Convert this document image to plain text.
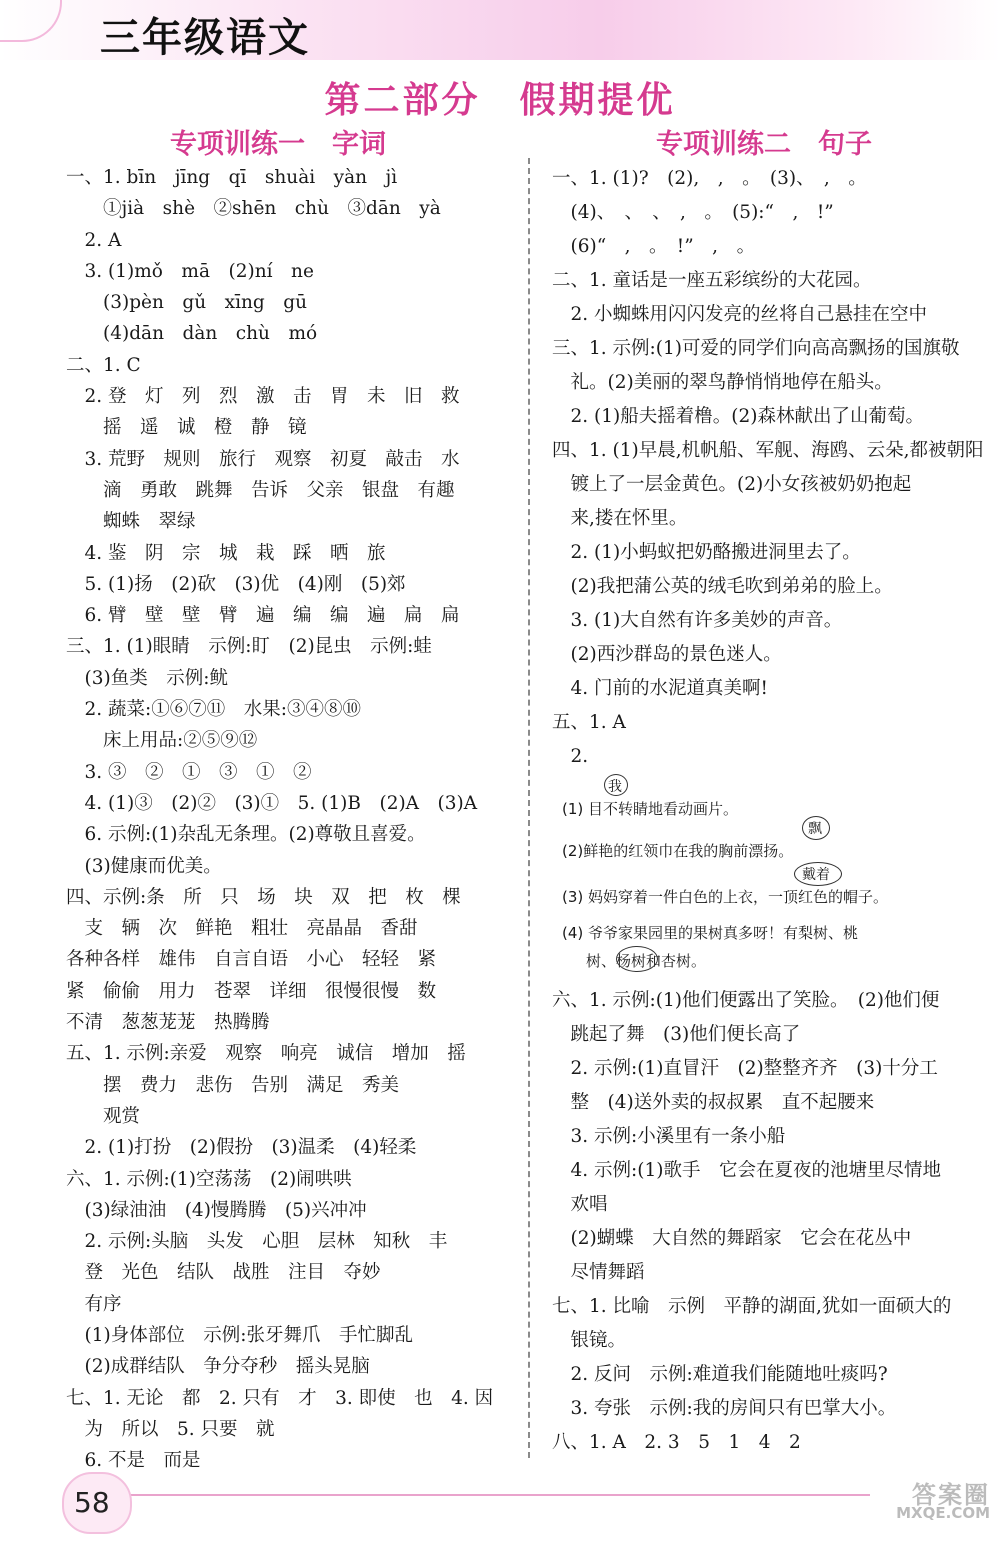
三年级语文
第二部分　假期提优
专项训练一　字词	专项训练二　句子
一、1. bīn　jīng　qī　shuài　yàn　jì
　　①jià　shè　②shēn　chù　③dān　yà
　2. A
　3. (1)mǒ　mā　(2)ní　ne
　　(3)pèn　gǔ　xīng　gū
　　(4)dān　dàn　chù　mó
二、1. C
　2. 登　灯　列　烈　激　击　胃　未　旧　救
　　摇　遥　诚　橙　静　镜
　3. 荒野　规则　旅行　观察　初夏　敲击　水
　　滴　勇敢　跳舞　告诉　父亲　银盘　有趣
　　蜘蛛　翠绿
　4. 鉴　阴　宗　城　栽　踩　晒　旅
　5. (1)扬　(2)砍　(3)优　(4)刚　(5)郊
　6. 臂　壁　壁　臂　遍　编　编　遍　扁　扁
三、1. (1)眼睛　示例:盯　(2)昆虫　示例:蛙
　(3)鱼类　示例:鱿
　2. 蔬菜:①⑥⑦⑪　水果:③④⑧⑩
　　床上用品:②⑤⑨⑫
　3. ③　②　①　③　①　②
　4. (1)③　(2)②　(3)①　5. (1)B　(2)A　(3)A
　6. 示例:(1)杂乱无条理。(2)尊敬且喜爱。
　(3)健康而优美。
四、示例:条　所　只　场　块　双　把　枚　棵
　支　辆　次　鲜艳　粗壮　亮晶晶　香甜
各种各样　雄伟　自言自语　小心　轻轻　紧
紧　偷偷　用力　苍翠　详细　很慢很慢　数
不清　葱葱茏茏　热腾腾
五、1. 示例:亲爱　观察　响亮　诚信　增加　摇
　　摆　费力　悲伤　告别　满足　秀美
　　观赏
　2. (1)打扮　(2)假扮　(3)温柔　(4)轻柔
六、1. 示例:(1)空荡荡　(2)闹哄哄
　(3)绿油油　(4)慢腾腾　(5)兴冲冲
　2. 示例:头脑　头发　心胆　层林　知秋　丰
　登　光色　结队　战胜　注目　夺妙
　有序
　(1)身体部位　示例:张牙舞爪　手忙脚乱
　(2)成群结队　争分夺秒　摇头晃脑
七、1. 无论　都　2. 只有　才　3. 即使　也　4. 因
　为　所以　5. 只要　就
　6. 不是　而是
一、1. (1)?　(2),　,　。　(3)、　,　。
　(4)、　、　、　,　。　(5):“　,　!”
　(6)“　,　。　!”　,　。
二、1. 童话是一座五彩缤纷的大花园。
　2. 小蜘蛛用闪闪发亮的丝将自己悬挂在空中
三、1. 示例:(1)可爱的同学们向高高飘扬的国旗敬
　礼。(2)美丽的翠鸟静悄悄地停在船头。
　2. (1)船夫摇着橹。(2)森林献出了山葡萄。
四、1. (1)早晨,机帆船、军舰、海鸥、云朵,都被朝阳
　镀上了一层金黄色。(2)小女孩被奶奶抱起
　来,搂在怀里。
　2. (1)小蚂蚁把奶酪搬进洞里去了。
　(2)我把蒲公英的绒毛吹到弟弟的脸上。
　3. (1)大自然有许多美妙的声音。
　(2)西沙群岛的景色迷人。
　4. 门前的水泥道真美啊!
五、1. A
　2.
我
(1) 目不转睛地看动画片。
飘
(2)鲜艳的红领巾在我的胸前漂扬。
戴着
(3) 妈妈穿着一件白色的上衣，一顶红色的帽子。
(4) 爷爷家果园里的果树真多呀！有梨树、桃
树、杨树和杏树。
六、1. 示例:(1)他们便露出了笑脸。　(2)他们便
　跳起了舞　(3)他们便长高了
　2. 示例:(1)直冒汗　(2)整整齐齐　(3)十分工
　整　(4)送外卖的叔叔累　直不起腰来
　3. 示例:小溪里有一条小船
　4. 示例:(1)歌手　它会在夏夜的池塘里尽情地
　欢唱
　(2)蝴蝶　大自然的舞蹈家　它会在花丛中
　尽情舞蹈
七、1. 比喻　示例　平静的湖面,犹如一面硕大的
　银镜。
　2. 反问　示例:难道我们能随地吐痰吗?
　3. 夸张　示例:我的房间只有巴掌大小。
八、1. A　2. 3　5　1　4　2
58	答案圈
MXQE.COM
